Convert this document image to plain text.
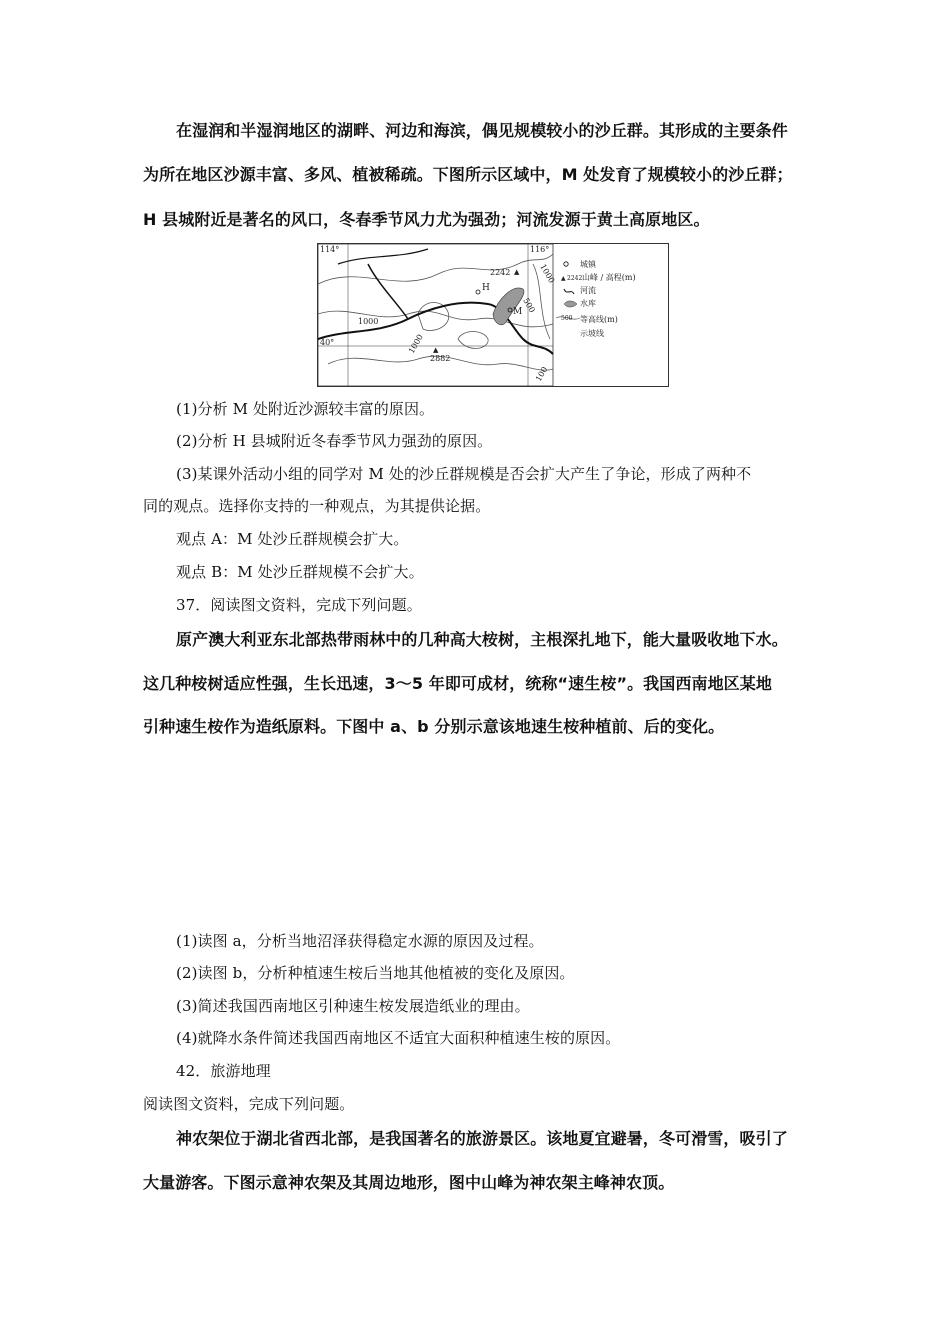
在湿润和半湿润地区的湖畔、河边和海滨，偶见规模较小的沙丘群。其形成的主要条件
为所在地区沙源丰富、多风、植被稀疏。下图所示区域中，M 处发育了规模较小的沙丘群；
H 县城附近是著名的风口，冬春季节风力尤为强劲；河流发源于黄土高原地区。
▲
▲
114°	116°
40°
2242
2882
1000
1000
1000
500
100
M
H
城镇
▲ 2242 山峰 / 高程(m)
河流
水库
500 等高线(m)
示坡线
(1)分析 M 处附近沙源较丰富的原因。
(2)分析 H 县城附近冬春季节风力强劲的原因。
(3)某课外活动小组的同学对 M 处的沙丘群规模是否会扩大产生了争论，形成了两种不
同的观点。选择你支持的一种观点，为其提供论据。
观点 A：M 处沙丘群规模会扩大。
观点 B：M 处沙丘群规模不会扩大。
37．阅读图文资料，完成下列问题。
原产澳大利亚东北部热带雨林中的几种高大桉树，主根深扎地下，能大量吸收地下水。
这几种桉树适应性强，生长迅速，3～5 年即可成材，统称“速生桉”。我国西南地区某地
引种速生桉作为造纸原料。下图中 a、b 分别示意该地速生桉种植前、后的变化。
(1)读图 a，分析当地沼泽获得稳定水源的原因及过程。
(2)读图 b，分析种植速生桉后当地其他植被的变化及原因。
(3)简述我国西南地区引种速生桉发展造纸业的理由。
(4)就降水条件简述我国西南地区不适宜大面积种植速生桉的原因。
42．旅游地理
阅读图文资料，完成下列问题。
神农架位于湖北省西北部，是我国著名的旅游景区。该地夏宜避暑，冬可滑雪，吸引了
大量游客。下图示意神农架及其周边地形，图中山峰为神农架主峰神农顶。
